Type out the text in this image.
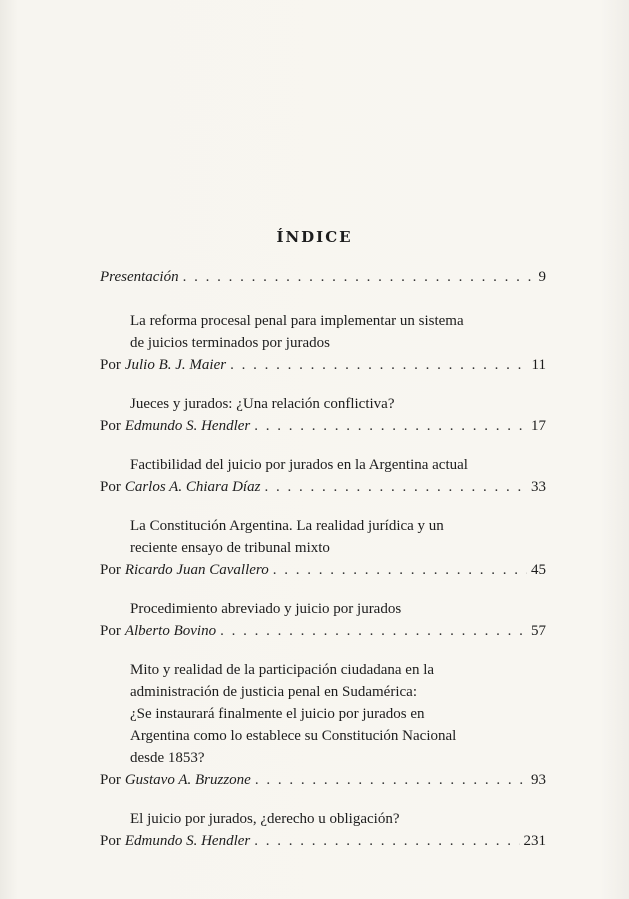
ÍNDICE
Presentación . . .	9
La reforma procesal penal para implementar un sistema
de juicios terminados por jurados
Por Julio B. J. Maier . . .	11
Jueces y jurados: ¿Una relación conflictiva?
Por Edmundo S. Hendler . . .	17
Factibilidad del juicio por jurados en la Argentina actual
Por Carlos A. Chiara Díaz . . .	33
La Constitución Argentina. La realidad jurídica y un
reciente ensayo de tribunal mixto
Por Ricardo Juan Cavallero . . .	45
Procedimiento abreviado y juicio por jurados
Por Alberto Bovino . . .	57
Mito y realidad de la participación ciudadana en la
administración de justicia penal en Sudamérica:
¿Se instaurará finalmente el juicio por jurados en
Argentina como lo establece su Constitución Nacional
desde 1853?
Por Gustavo A. Bruzzone . . .	93
El juicio por jurados, ¿derecho u obligación?
Por Edmundo S. Hendler . . .	231
